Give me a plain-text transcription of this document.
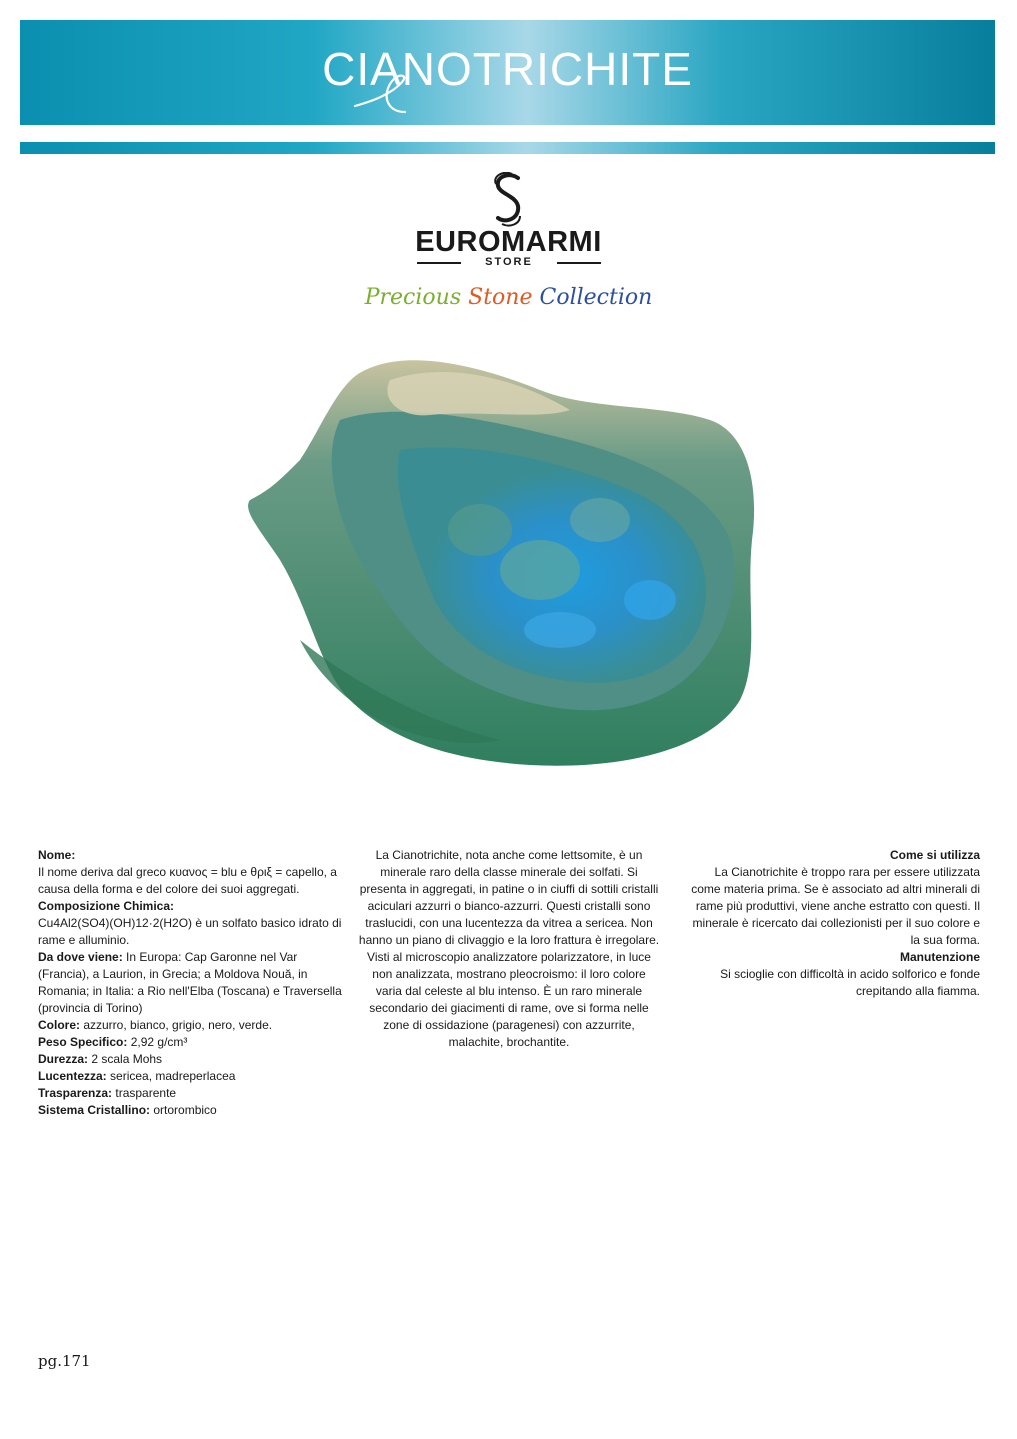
CIANOTRICHITE
EUROMARMI
STORE
Precious Stone Collection

Nome:

Il nome deriva dal greco κυανος = blu e θριξ = capello, a causa della forma e del colore dei suoi aggregati.

Composizione Chimica:

Cu4Al2(SO4)(OH)12·2(H2O) è un solfato basico idrato di rame e alluminio.

Da dove viene: In Europa: Cap Garonne nel Var (Francia), a Laurion, in Grecia; a Moldova Nouă, in Romania; in Italia: a Rio nell'Elba (Toscana) e Traversella (provincia di Torino)

Colore: azzurro, bianco, grigio, nero, verde.

Peso Specifico: 2,92 g/cm³

Durezza: 2 scala Mohs

Lucentezza: sericea, madreperlacea

Trasparenza: trasparente

Sistema Cristallino: ortorombico

La Cianotrichite, nota anche come lettsomite, è un minerale raro della classe minerale dei solfati. Si presenta in aggregati, in patine o in ciuffi di sottili cristalli aciculari azzurri o bianco-azzurri. Questi cristalli sono traslucidi, con una lucentezza da vitrea a sericea. Non hanno un piano di clivaggio e la loro frattura è irregolare. Visti al microscopio analizzatore polarizzatore, in luce non analizzata, mostrano pleocroismo: il loro colore varia dal celeste al blu intenso. È un raro minerale secondario dei giacimenti di rame, ove si forma nelle zone di ossidazione (paragenesi) con azzurrite, malachite, brochantite.

Come si utilizza

La Cianotrichite è troppo rara per essere utilizzata come materia prima. Se è associato ad altri minerali di rame più produttivi, viene anche estratto con questi. Il minerale è ricercato dai collezionisti per il suo colore e la sua forma.

Manutenzione

Si scioglie con difficoltà in acido solforico e fonde crepitando alla fiamma.

pg.171
